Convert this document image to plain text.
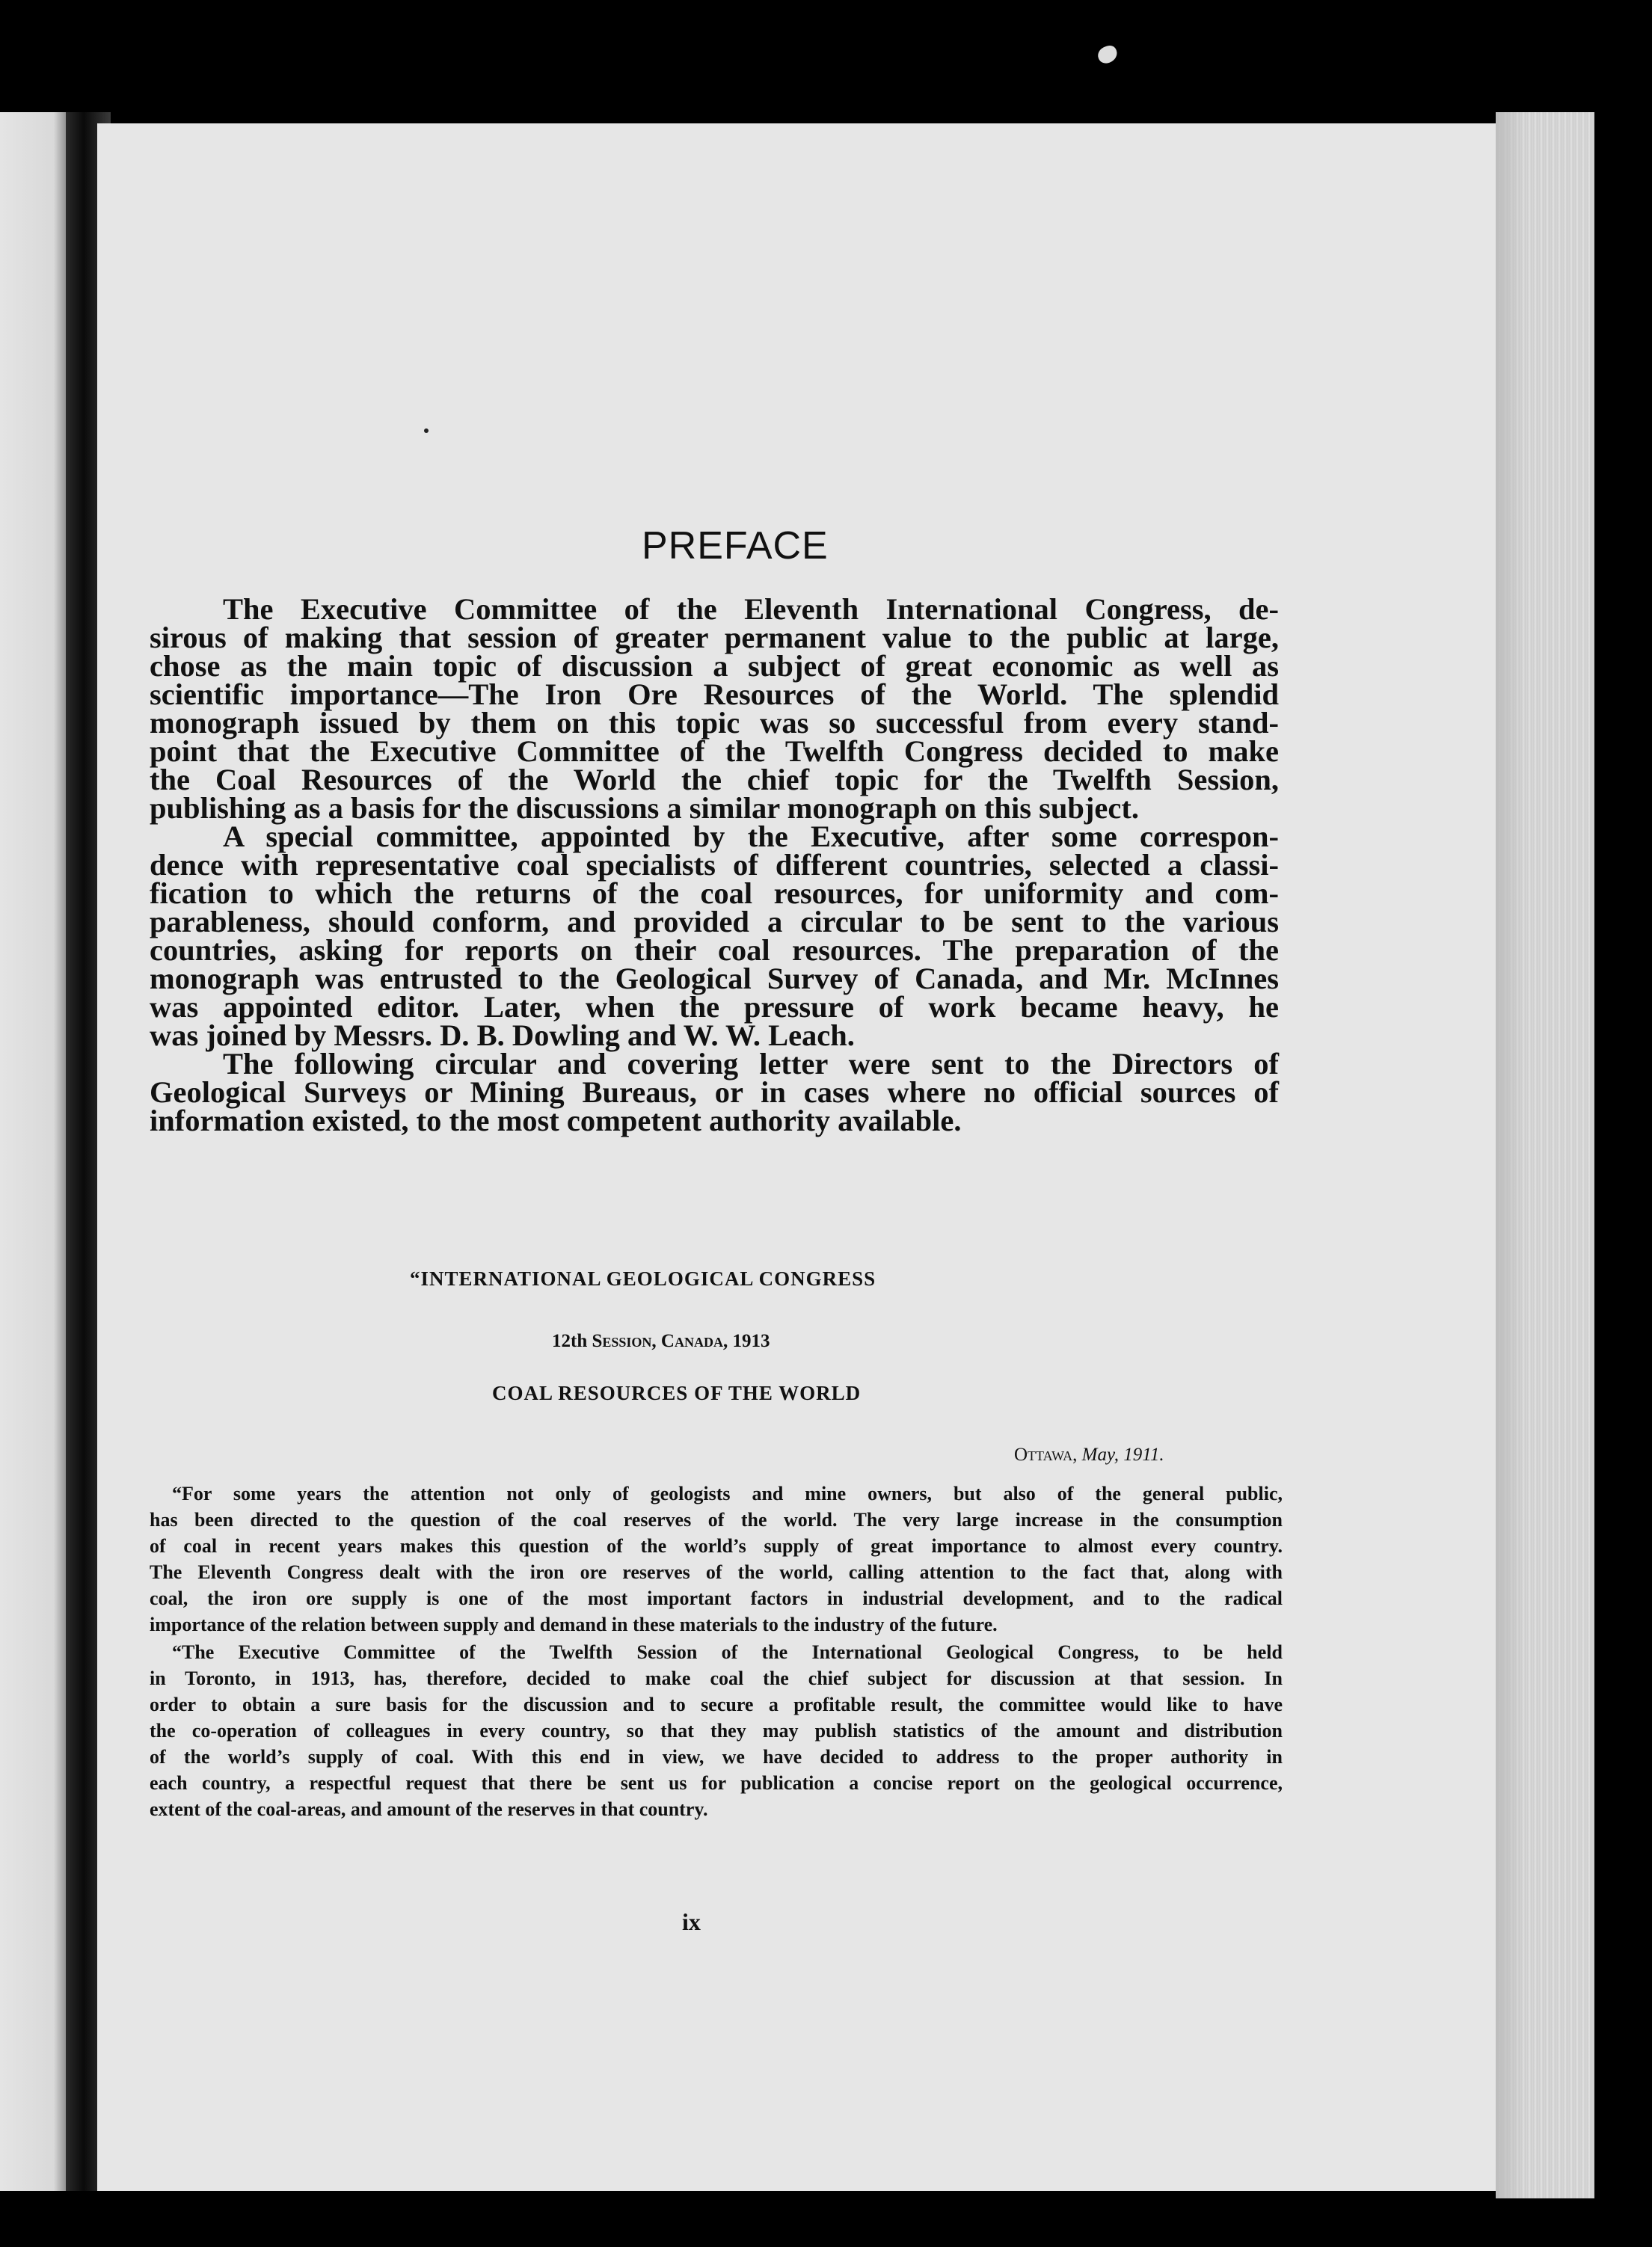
PREFACE
The Executive Committee of the Eleventh International Congress, de-
sirous of making that session of greater permanent value to the public at large,
chose as the main topic of discussion a subject of great economic as well as
scientific importance—The Iron Ore Resources of the World. The splendid
monograph issued by them on this topic was so successful from every stand-
point that the Executive Committee of the Twelfth Congress decided to make
the Coal Resources of the World the chief topic for the Twelfth Session,
publishing as a basis for the discussions a similar monograph on this subject.
A special committee, appointed by the Executive, after some correspon-
dence with representative coal specialists of different countries, selected a classi-
fication to which the returns of the coal resources, for uniformity and com-
parableness, should conform, and provided a circular to be sent to the various
countries, asking for reports on their coal resources. The preparation of the
monograph was entrusted to the Geological Survey of Canada, and Mr. McInnes
was appointed editor. Later, when the pressure of work became heavy, he
was joined by Messrs. D. B. Dowling and W. W. Leach.
The following circular and covering letter were sent to the Directors of
Geological Surveys or Mining Bureaus, or in cases where no official sources of
information existed, to the most competent authority available.
“INTERNATIONAL GEOLOGICAL CONGRESS
12th Session, Canada, 1913
COAL RESOURCES OF THE WORLD
Ottawa, May, 1911.
“For some years the attention not only of geologists and mine owners, but also of the general public,
has been directed to the question of the coal reserves of the world. The very large increase in the consumption
of coal in recent years makes this question of the world’s supply of great importance to almost every country.
The Eleventh Congress dealt with the iron ore reserves of the world, calling attention to the fact that, along with
coal, the iron ore supply is one of the most important factors in industrial development, and to the radical
importance of the relation between supply and demand in these materials to the industry of the future.
“The Executive Committee of the Twelfth Session of the International Geological Congress, to be held
in Toronto, in 1913, has, therefore, decided to make coal the chief subject for discussion at that session. In
order to obtain a sure basis for the discussion and to secure a profitable result, the committee would like to have
the co-operation of colleagues in every country, so that they may publish statistics of the amount and distribution
of the world’s supply of coal. With this end in view, we have decided to address to the proper authority in
each country, a respectful request that there be sent us for publication a concise report on the geological occurrence,
extent of the coal-areas, and amount of the reserves in that country.
ix
